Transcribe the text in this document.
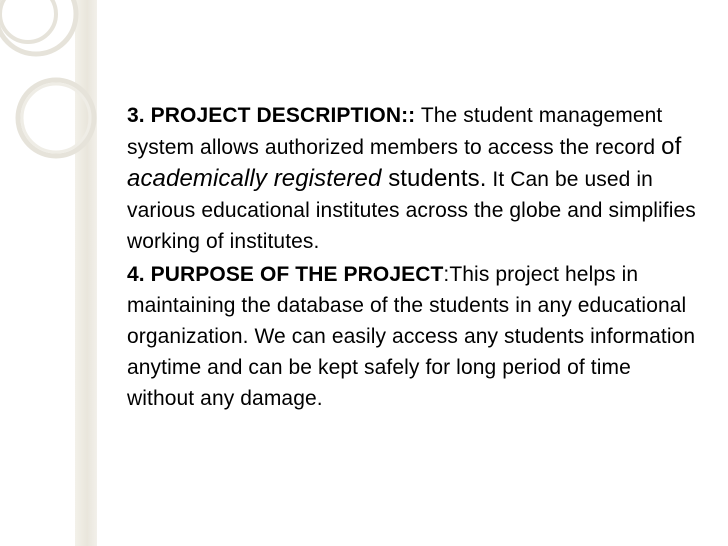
3. PROJECT DESCRIPTION:: The student management system allows authorized members to access the record of academically registered students. It Can be used in various educational institutes across the globe and simplifies working of institutes.

4. PURPOSE OF THE PROJECT:This project helps in maintaining the database of the students in any educational organization. We can easily access any students information anytime and can be kept safely for long period of time without any damage.
